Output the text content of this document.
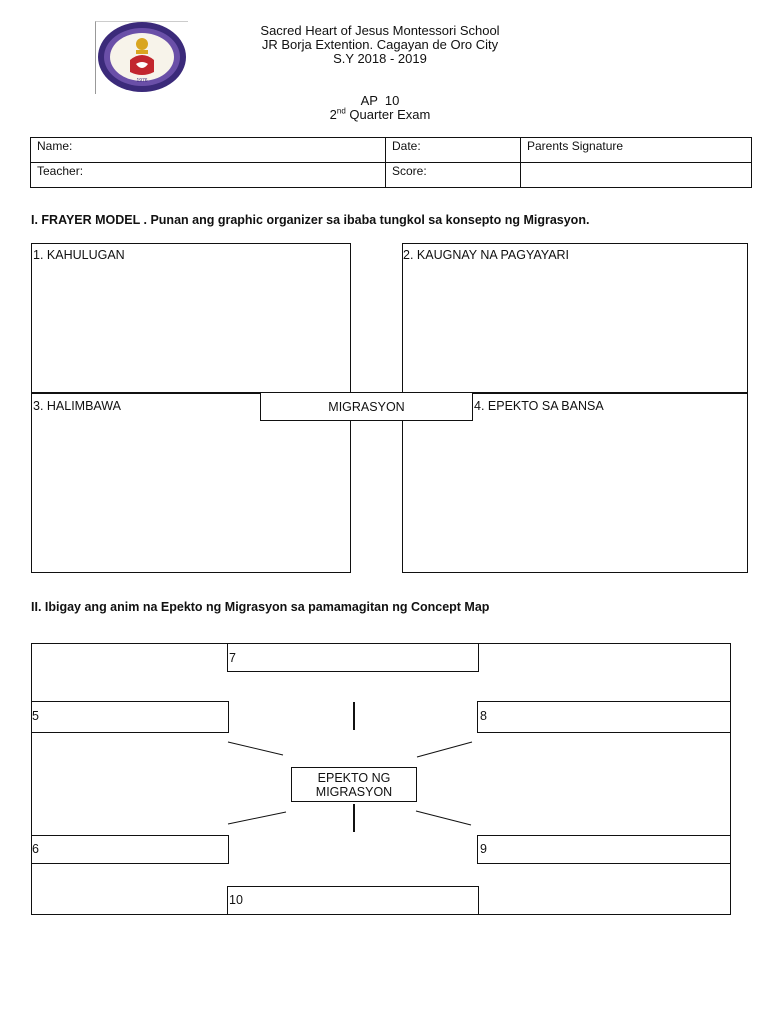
1976
Sacred Heart of Jesus Montessori School
JR Borja Extention. Cagayan de Oro City
S.Y 2018 - 2019
AP  10
2nd Quarter Exam
Name:	Date:	Parents Signature
Teacher:	Score:	
I. FRAYER MODEL . Punan ang graphic organizer sa ibaba tungkol sa konsepto ng Migrasyon.
1. KAHULUGAN	2. KAUGNAY NA PAGYAYARI
3. HALIMBAWA	4. EPEKTO SA BANSA
MIGRASYON
II. Ibigay ang anim na Epekto ng Migrasyon sa pamamagitan ng Concept Map
7
5	8
6	9
10
EPEKTO NG
MIGRASYON
